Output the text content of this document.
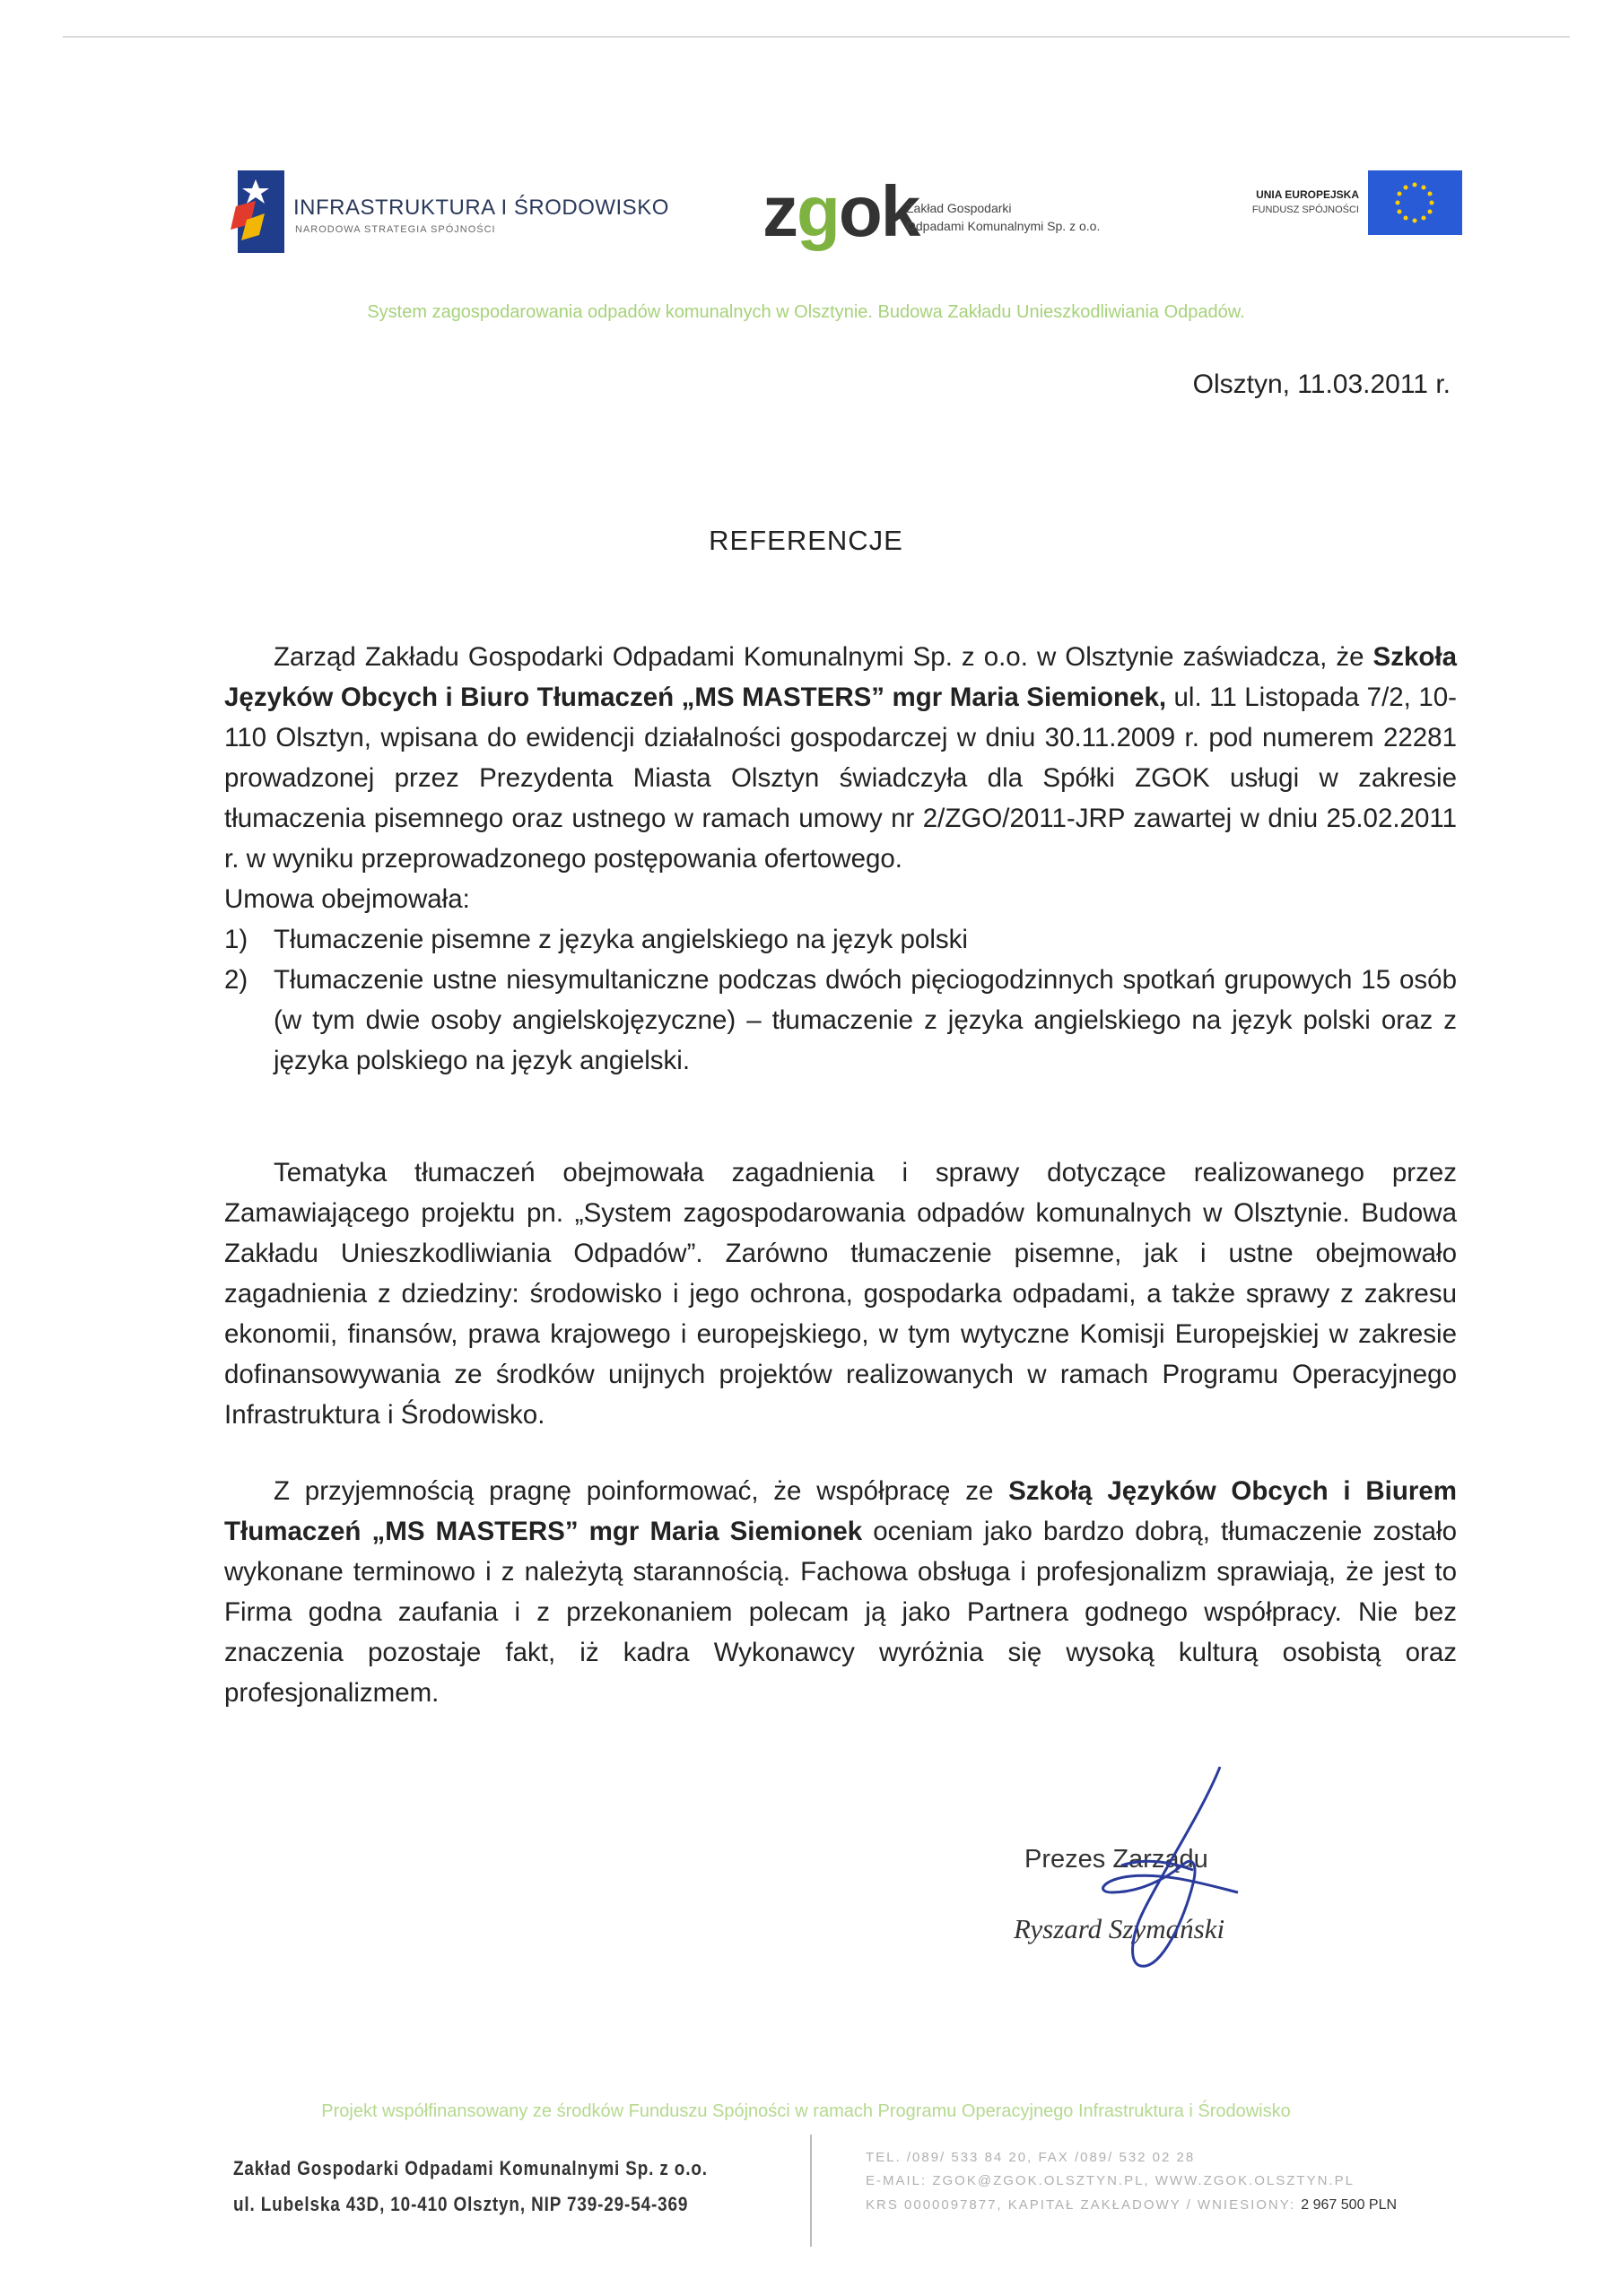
INFRASTRUKTURA I ŚRODOWISKO
NARODOWA STRATEGIA SPÓJNOŚCI	zgok
Zakład Gospodarki
Odpadami Komunalnymi Sp. z o.o.
UNIA EUROPEJSKA
FUNDUSZ SPÓJNOŚCI
System zagospodarowania odpadów komunalnych w Olsztynie. Budowa Zakładu Unieszkodliwiania Odpadów.
Olsztyn, 11.03.2011 r.
REFERENCJE

Zarząd Zakładu Gospodarki Odpadami Komunalnymi Sp. z o.o. w Olsztynie zaświadcza, że Szkoła Języków Obcych i Biuro Tłumaczeń „MS MASTERS” mgr Maria Siemionek, ul. 11 Listopada 7/2, 10-110 Olsztyn, wpisana do ewidencji działalności gospodarczej w dniu 30.11.2009 r. pod numerem 22281 prowadzonej przez Prezydenta Miasta Olsztyn świadczyła dla Spółki ZGOK usługi w zakresie tłumaczenia pisemnego oraz ustnego w ramach umowy nr 2/ZGO/2011-JRP zawartej w dniu 25.02.2011 r. w wyniku przeprowadzonego postępowania ofertowego.

Umowa obejmowała:

1) Tłumaczenie pisemne z języka angielskiego na język polski
2) Tłumaczenie ustne niesymultaniczne podczas dwóch pięciogodzinnych spotkań grupowych 15 osób (w tym dwie osoby angielskojęzyczne) – tłumaczenie z języka angielskiego na język polski oraz z języka polskiego na język angielski.

Tematyka tłumaczeń obejmowała zagadnienia i sprawy dotyczące realizowanego przez Zamawiającego projektu pn. „System zagospodarowania odpadów komunalnych w Olsztynie. Budowa Zakładu Unieszkodliwiania Odpadów”. Zarówno tłumaczenie pisemne, jak i ustne obejmowało zagadnienia z dziedziny: środowisko i jego ochrona, gospodarka odpadami, a także sprawy z zakresu ekonomii, finansów, prawa krajowego i europejskiego, w tym wytyczne Komisji Europejskiej w zakresie dofinansowywania ze środków unijnych projektów realizowanych w ramach Programu Operacyjnego Infrastruktura i Środowisko.

Z przyjemnością pragnę poinformować, że współpracę ze Szkołą Języków Obcych i Biurem Tłumaczeń „MS MASTERS” mgr Maria Siemionek oceniam jako bardzo dobrą, tłumaczenie zostało wykonane terminowo i z należytą starannością. Fachowa obsługa i profesjonalizm sprawiają, że jest to Firma godna zaufania i z przekonaniem polecam ją jako Partnera godnego współpracy. Nie bez znaczenia pozostaje fakt, iż kadra Wykonawcy wyróżnia się wysoką kulturą osobistą oraz profesjonalizmem.

Prezes Zarządu
Ryszard Szymański
Projekt współfinansowany ze środków Funduszu Spójności w ramach Programu Operacyjnego Infrastruktura i Środowisko
Zakład Gospodarki Odpadami Komunalnymi Sp. z o.o.
ul. Lubelska 43D, 10-410 Olsztyn, NIP 739-29-54-369
TEL. /089/ 533 84 20, FAX /089/ 532 02 28
E-MAIL: ZGOK@ZGOK.OLSZTYN.PL, WWW.ZGOK.OLSZTYN.PL
KRS 0000097877, KAPITAŁ ZAKŁADOWY / WNIESIONY: 2 967 500 PLN
